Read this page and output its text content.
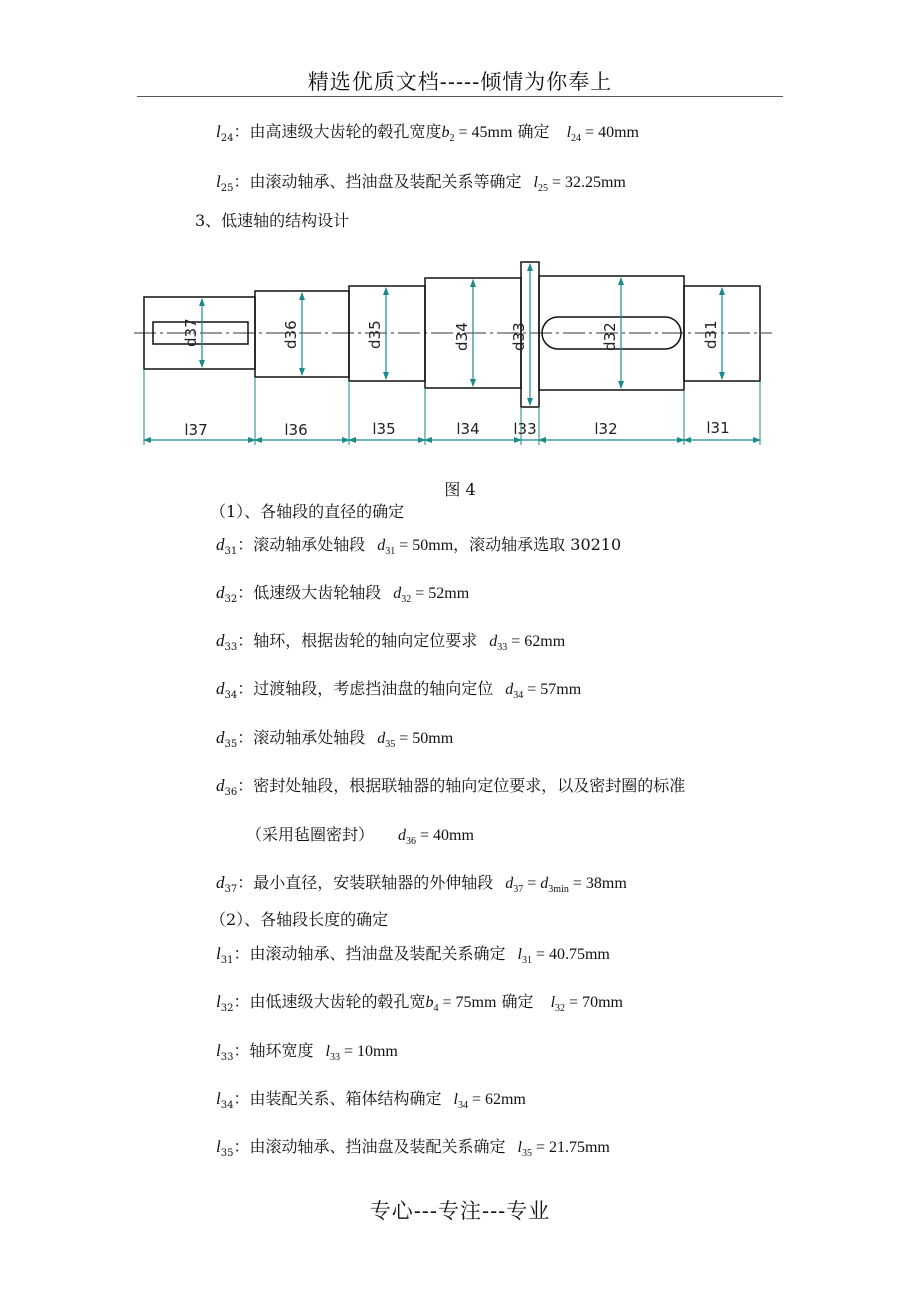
精选优质文档-----倾情为你奉上
$l_{24}$：由高速级大齿轮的毂孔宽度$b_2 = 45mm$ 确定 $l_{24} = 40mm$
$l_{25}$：由滚动轴承、挡油盘及装配关系等确定 $l_{25} = 32.25mm$
3、低速轴的结构设计
d37	d36	d35	d34	d33	d32	d31
l37	l36	l35	l34 l33	l32	l31
图 4
（1）、各轴段的直径的确定
$d_{31}$：滚动轴承处轴段 $d_{31} = 50mm$，滚动轴承选取 30210
$d_{32}$：低速级大齿轮轴段 $d_{32} = 52mm$
$d_{33}$：轴环，根据齿轮的轴向定位要求 $d_{33} = 62mm$
$d_{34}$：过渡轴段，考虑挡油盘的轴向定位 $d_{34} = 57mm$
$d_{35}$：滚动轴承处轴段 $d_{35} = 50mm$
$d_{36}$：密封处轴段，根据联轴器的轴向定位要求，以及密封圈的标准
（采用毡圈密封） $d_{36} = 40mm$
$d_{37}$：最小直径，安装联轴器的外伸轴段 $d_{37} = d_{3min} = 38mm$
（2）、各轴段长度的确定
$l_{31}$：由滚动轴承、挡油盘及装配关系确定 $l_{31} = 40.75mm$
$l_{32}$：由低速级大齿轮的毂孔宽$b_4 = 75mm$ 确定 $l_{32} = 70mm$
$l_{33}$：轴环宽度 $l_{33} = 10mm$
$l_{34}$：由装配关系、箱体结构确定 $l_{34} = 62mm$
$l_{35}$：由滚动轴承、挡油盘及装配关系确定 $l_{35} = 21.75mm$
专心---专注---专业
